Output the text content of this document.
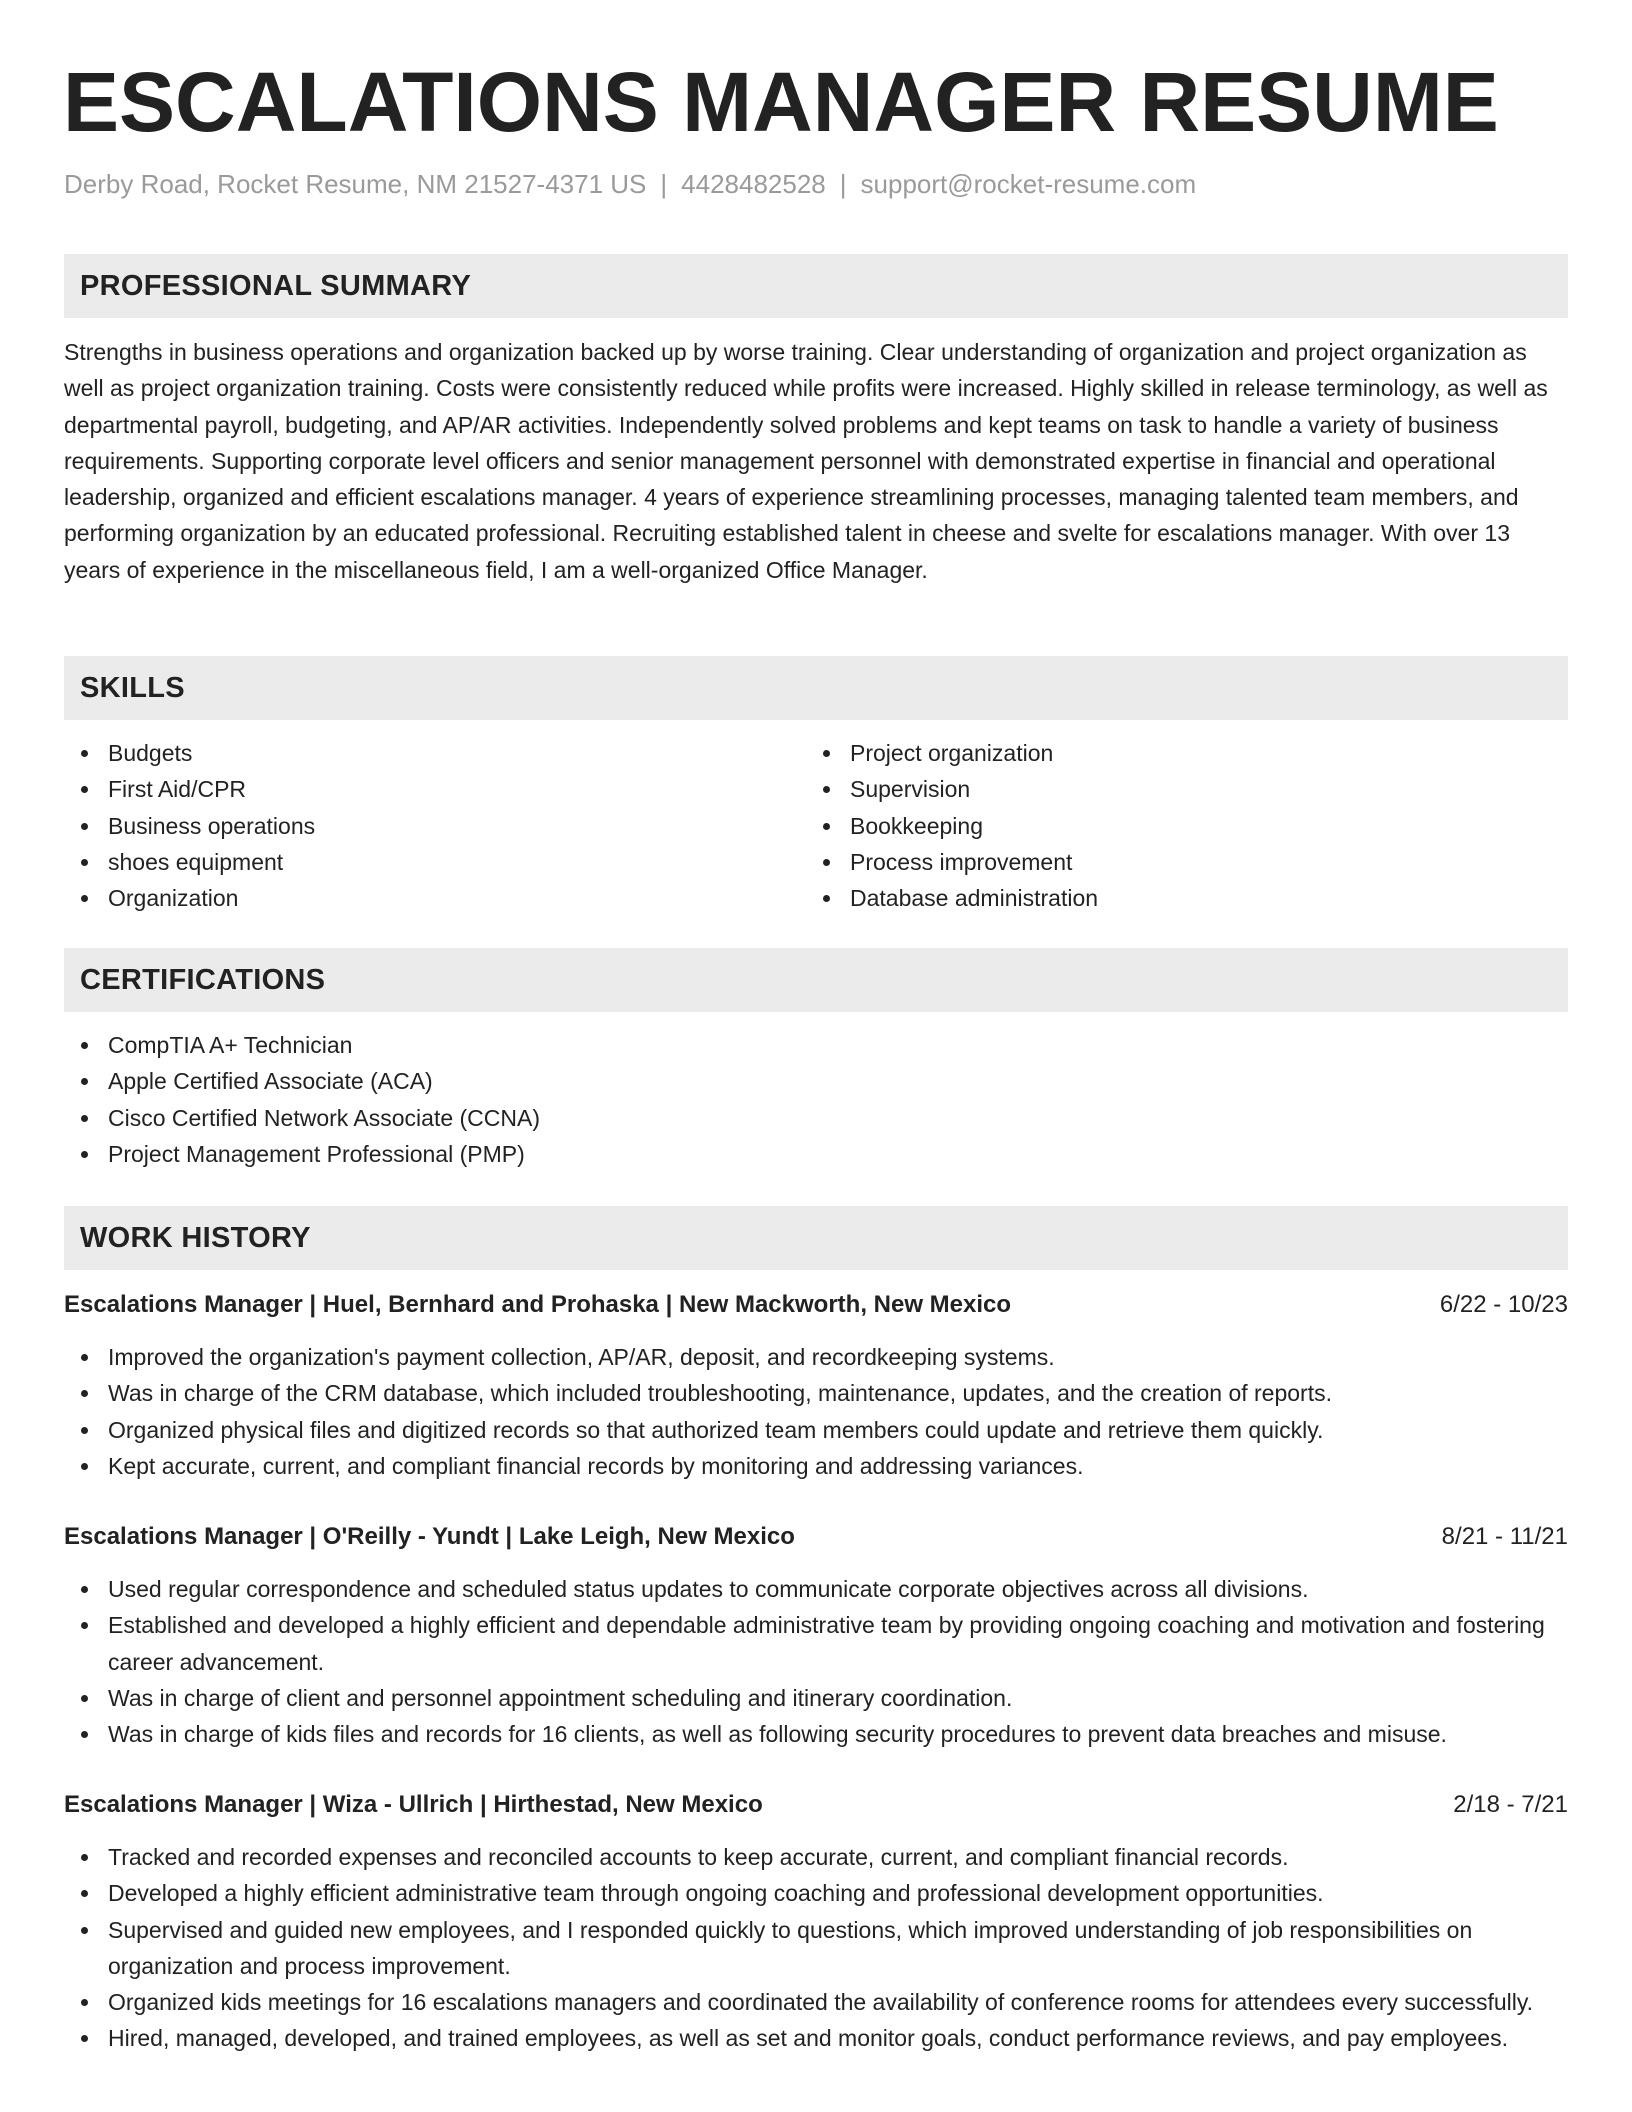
ESCALATIONS MANAGER RESUME
Derby Road, Rocket Resume, NM 21527-4371 US | 4428482528 | support@rocket-resume.com
PROFESSIONAL SUMMARY

Strengths in business operations and organization backed up by worse training. Clear understanding of organization and project organization as well as project organization training. Costs were consistently reduced while profits were increased. Highly skilled in release terminology, as well as departmental payroll, budgeting, and AP/AR activities. Independently solved problems and kept teams on task to handle a variety of business requirements. Supporting corporate level officers and senior management personnel with demonstrated expertise in financial and operational leadership, organized and efficient escalations manager. 4 years of experience streamlining processes, managing talented team members, and performing organization by an educated professional. Recruiting established talent in cheese and svelte for escalations manager. With over 13 years of experience in the miscellaneous field, I am a well-organized Office Manager.

SKILLS
Budgets
First Aid/CPR
Business operations
shoes equipment
Organization
Project organization
Supervision
Bookkeeping
Process improvement
Database administration
CERTIFICATIONS
CompTIA A+ Technician
Apple Certified Associate (ACA)
Cisco Certified Network Associate (CCNA)
Project Management Professional (PMP)
WORK HISTORY
Escalations Manager | Huel, Bernhard and Prohaska | New Mackworth, New Mexico	6/22 - 10/23
Improved the organization's payment collection, AP/AR, deposit, and recordkeeping systems.
Was in charge of the CRM database, which included troubleshooting, maintenance, updates, and the creation of reports.
Organized physical files and digitized records so that authorized team members could update and retrieve them quickly.
Kept accurate, current, and compliant financial records by monitoring and addressing variances.
Escalations Manager | O'Reilly - Yundt | Lake Leigh, New Mexico	8/21 - 11/21
Used regular correspondence and scheduled status updates to communicate corporate objectives across all divisions.
Established and developed a highly efficient and dependable administrative team by providing ongoing coaching and motivation and fostering career advancement.
Was in charge of client and personnel appointment scheduling and itinerary coordination.
Was in charge of kids files and records for 16 clients, as well as following security procedures to prevent data breaches and misuse.
Escalations Manager | Wiza - Ullrich | Hirthestad, New Mexico	2/18 - 7/21
Tracked and recorded expenses and reconciled accounts to keep accurate, current, and compliant financial records.
Developed a highly efficient administrative team through ongoing coaching and professional development opportunities.
Supervised and guided new employees, and I responded quickly to questions, which improved understanding of job responsibilities on organization and process improvement.
Organized kids meetings for 16 escalations managers and coordinated the availability of conference rooms for attendees every successfully.
Hired, managed, developed, and trained employees, as well as set and monitor goals, conduct performance reviews, and pay employees.
